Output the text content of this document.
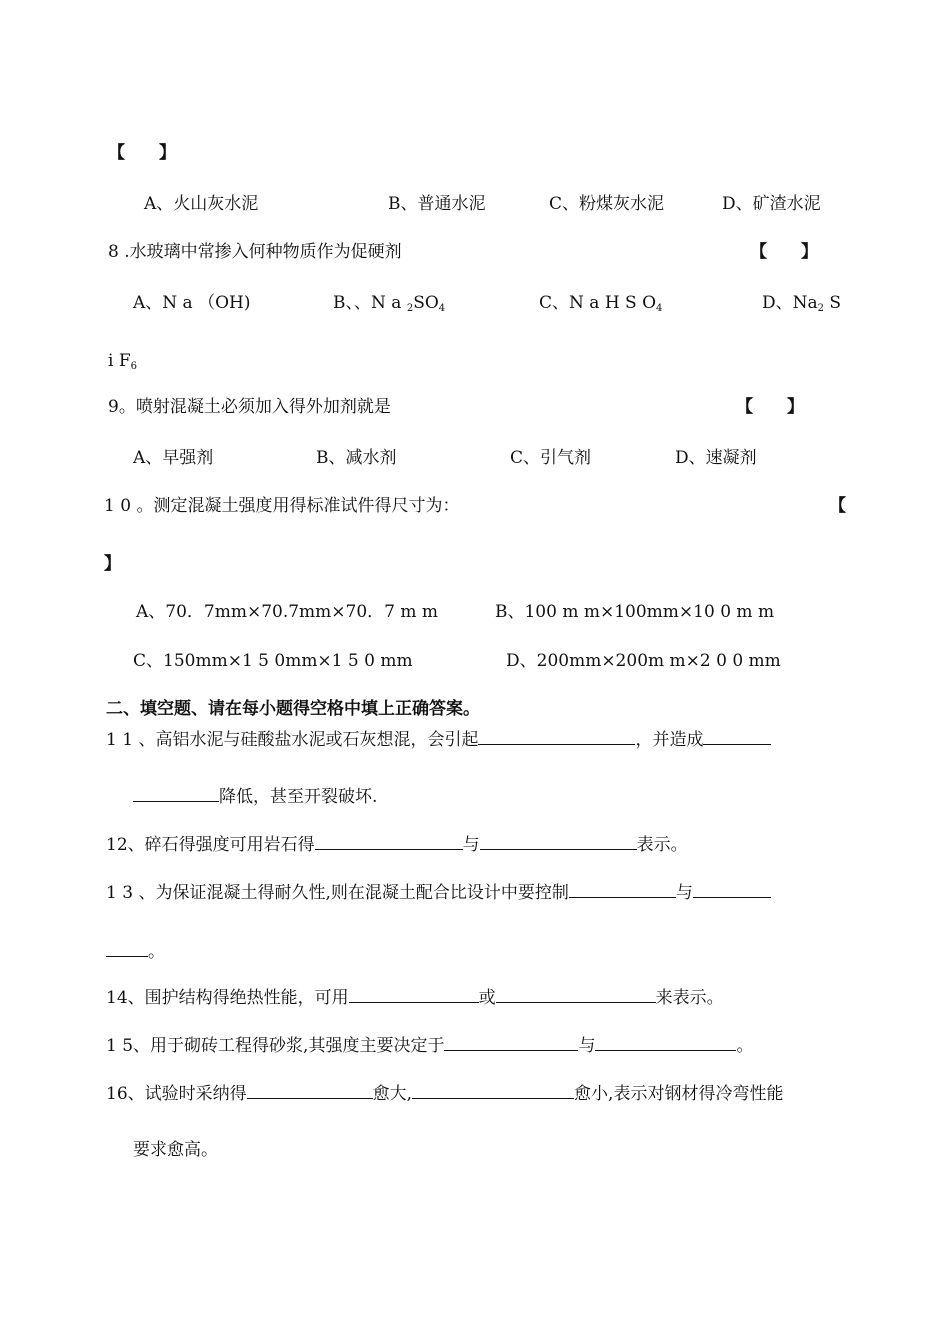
【　　】
A、火山灰水泥	B、普通水泥	C、粉煤灰水泥	D、矿渣水泥
8 .水玻璃中常掺入何种物质作为促硬剂	【　　】
A、N a （OH)	B、、N a $_2SO_4$	C、N a H S $O_4$	D、$Na_2$ S
i $F_6$
9。喷射混凝土必须加入得外加剂就是	【　　】
A、早强剂	B、减水剂	C、引气剂	D、速凝剂
1 0 。测定混凝土强度用得标准试件得尺寸为：	【
】
A、70．7mm×70.7mm×70．7 m m	B、100 m m×100mm×10 0 m m
C、150mm×1 5 0mm×1 5 0 mm	D、200mm×200m m×2 0 0 mm
二、填空题、请在每小题得空格中填上正确答案。
1 1 、高铝水泥与硅酸盐水泥或石灰想混，会引起	，并造成
降低，甚至开裂破坏.
12、碎石得强度可用岩石得	与	表示。
1 3 、为保证混凝土得耐久性,则在混凝土配合比设计中要控制	与
。
14、围护结构得绝热性能，可用	或	来表示。
1 5、用于砌砖工程得砂浆,其强度主要决定于	与	。
16、试验时采纳得	愈大,	愈小,表示对钢材得冷弯性能
要求愈高。
